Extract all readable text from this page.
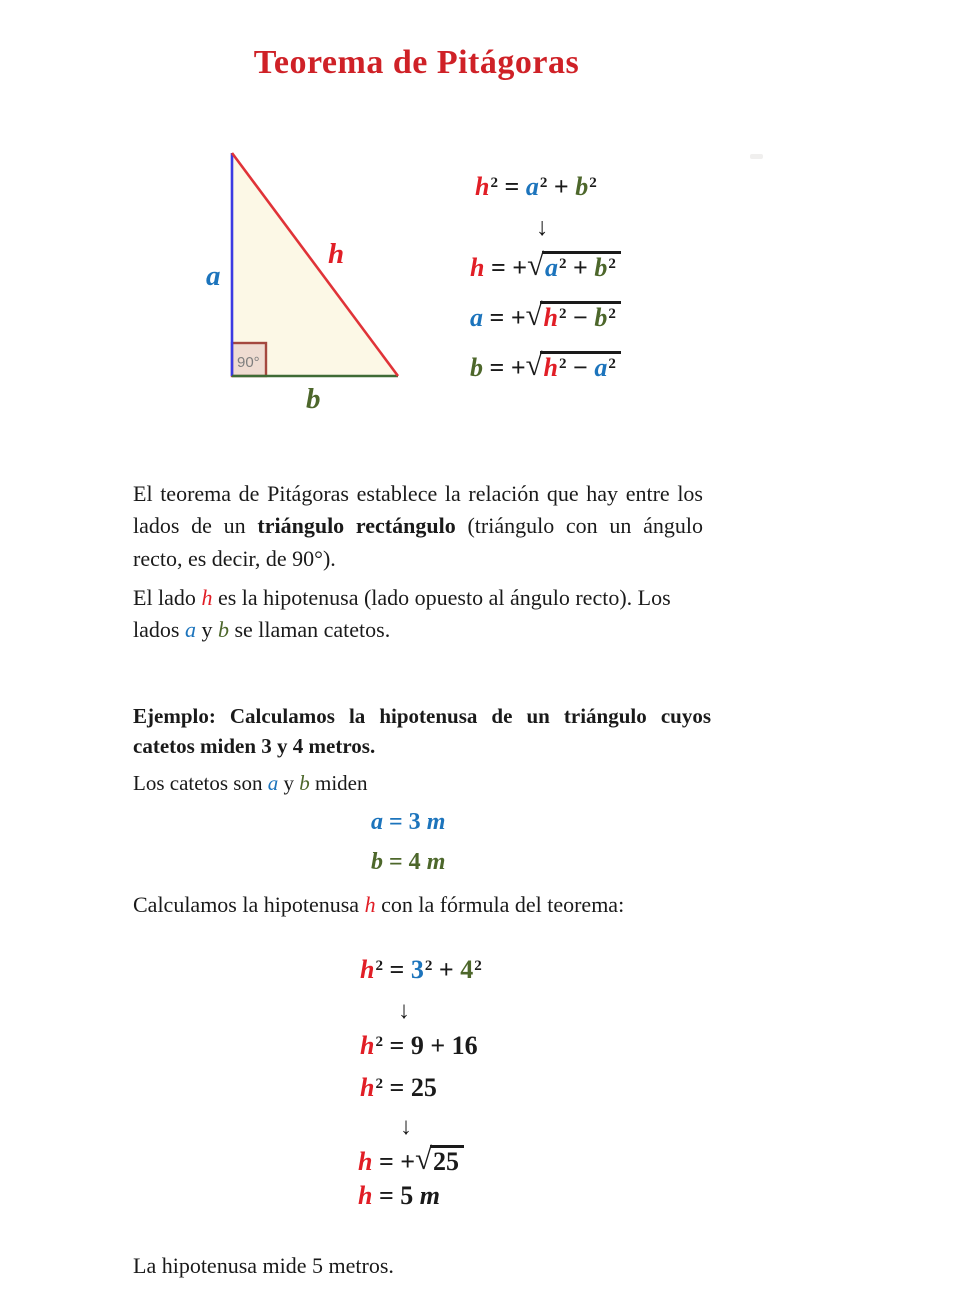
Teorema de Pitágoras
90°
a
h
b
$h^2 = a^2 + b^2$
↓
$h = +√a^2 + b^2$
$a = +√h^2 - b^2$
$b = +√h^2 - a^2$
El teorema de Pitágoras establece la relación que hay entre los lados de un triángulo rectángulo (triángulo con un ángulo recto, es decir, de 90°).
El lado h es la hipotenusa (lado opuesto al ángulo recto). Los lados a y b se llaman catetos.
Ejemplo: Calculamos la hipotenusa de un triángulo cuyos catetos miden 3 y 4 metros.
Los catetos son a y b miden
a = 3 m
b = 4 m
Calculamos la hipotenusa h con la fórmula del teorema:
$h^2 = 3^2 + 4^2$
↓
$h^2 = 9 + 16$
$h^2 = 25$
↓
h = +√25
h = 5 m
La hipotenusa mide 5 metros.
